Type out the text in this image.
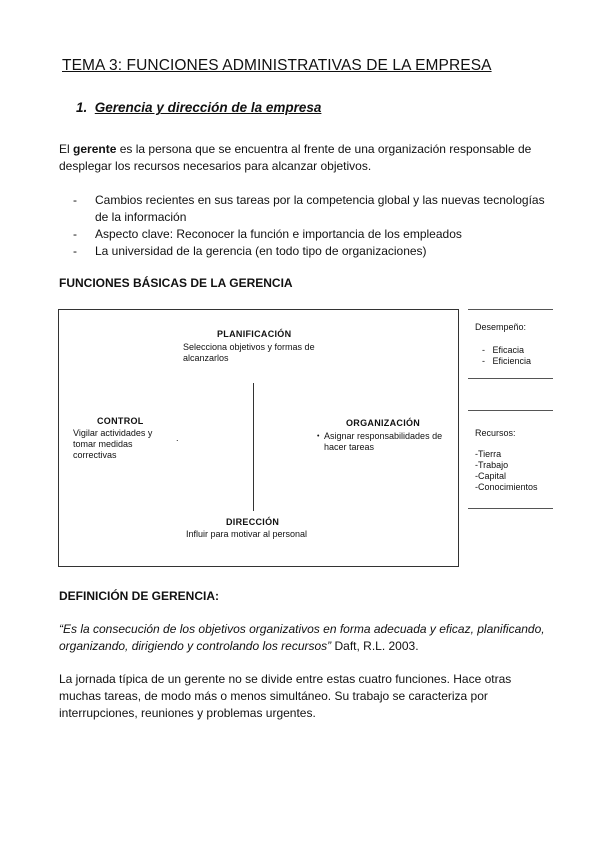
TEMA 3: FUNCIONES ADMINISTRATIVAS DE LA EMPRESA
1. Gerencia y dirección de la empresa
El gerente es la persona que se encuentra al frente de una organización responsable de desplegar los recursos necesarios para alcanzar objetivos.
- Cambios recientes en sus tareas por la competencia global y las nuevas tecnologías de la información
- Aspecto clave: Reconocer la función e importancia de los empleados
- La universidad de la gerencia (en todo tipo de organizaciones)
FUNCIONES BÁSICAS DE LA GERENCIA
PLANIFICACIÓN
Selecciona objetivos y formas de alcanzarlos
CONTROL
Vigilar actividades y tomar medidas correctivas
.
ORGANIZACIÓN
Asignar responsabilidades de hacer tareas
•
DIRECCIÓN
Influir para motivar al personal
Desempeño:
- Eficacia
- Eficiencia
Recursos:
-Tierra
-Trabajo
-Capital
-Conocimientos
DEFINICIÓN DE GERENCIA:
“Es la consecución de los objetivos organizativos en forma adecuada y eficaz, planificando, organizando, dirigiendo y controlando los recursos” Daft, R.L. 2003.
La jornada típica de un gerente no se divide entre estas cuatro funciones. Hace otras muchas tareas, de modo más o menos simultáneo. Su trabajo se caracteriza por interrupciones, reuniones y problemas urgentes.
